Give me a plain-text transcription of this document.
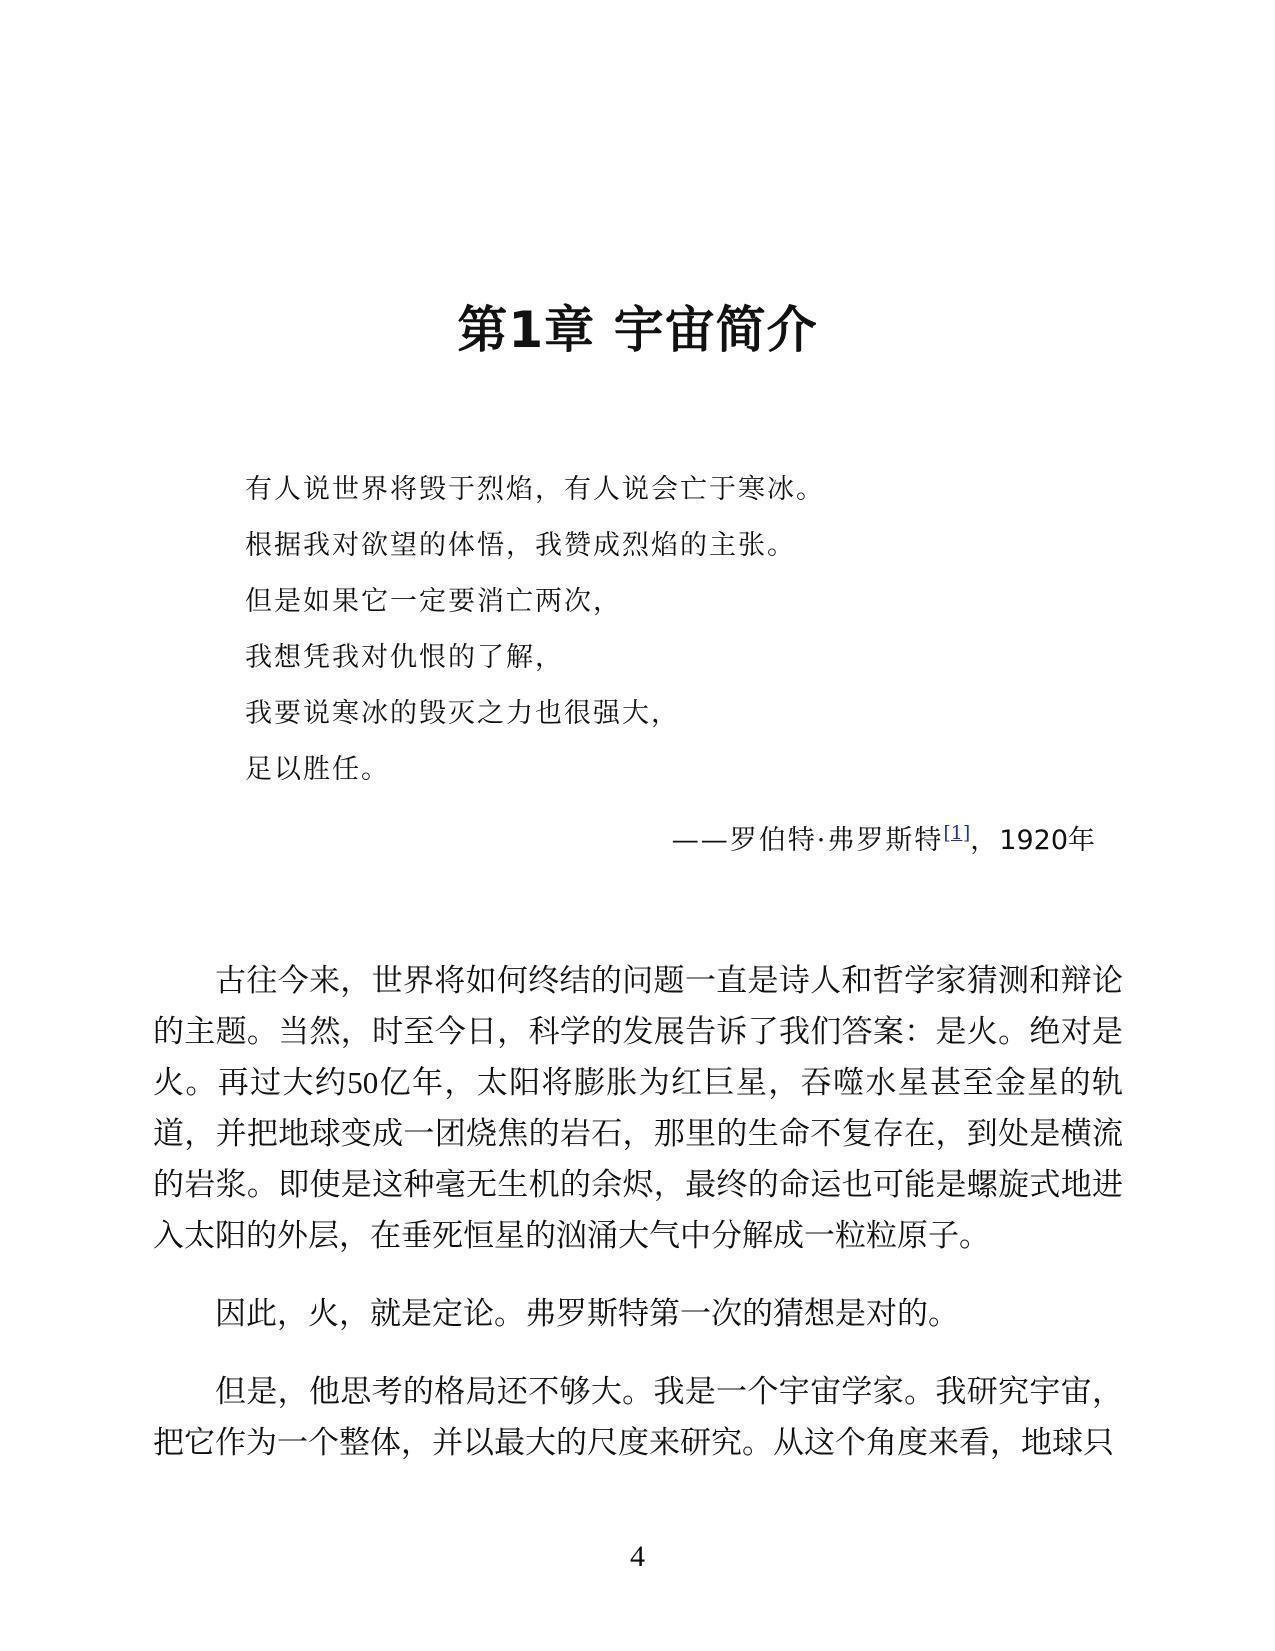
第1章 宇宙简介
有人说世界将毁于烈焰，有人说会亡于寒冰。
根据我对欲望的体悟，我赞成烈焰的主张。
但是如果它一定要消亡两次，
我想凭我对仇恨的了解，
我要说寒冰的毁灭之力也很强大，
足以胜任。
——罗伯特·弗罗斯特[1]，1920年

古往今来，世界将如何终结的问题一直是诗人和哲学家猜测和辩论的主题。当然，时至今日，科学的发展告诉了我们答案：是火。绝对是火。再过大约50亿年，太阳将膨胀为红巨星，吞噬水星甚至金星的轨道，并把地球变成一团烧焦的岩石，那里的生命不复存在，到处是横流的岩浆。即使是这种毫无生机的余烬，最终的命运也可能是螺旋式地进入太阳的外层，在垂死恒星的汹涌大气中分解成一粒粒原子。

因此，火，就是定论。弗罗斯特第一次的猜想是对的。

但是，他思考的格局还不够大。我是一个宇宙学家。我研究宇宙，把它作为一个整体，并以最大的尺度来研究。从这个角度来看，地球只

4
